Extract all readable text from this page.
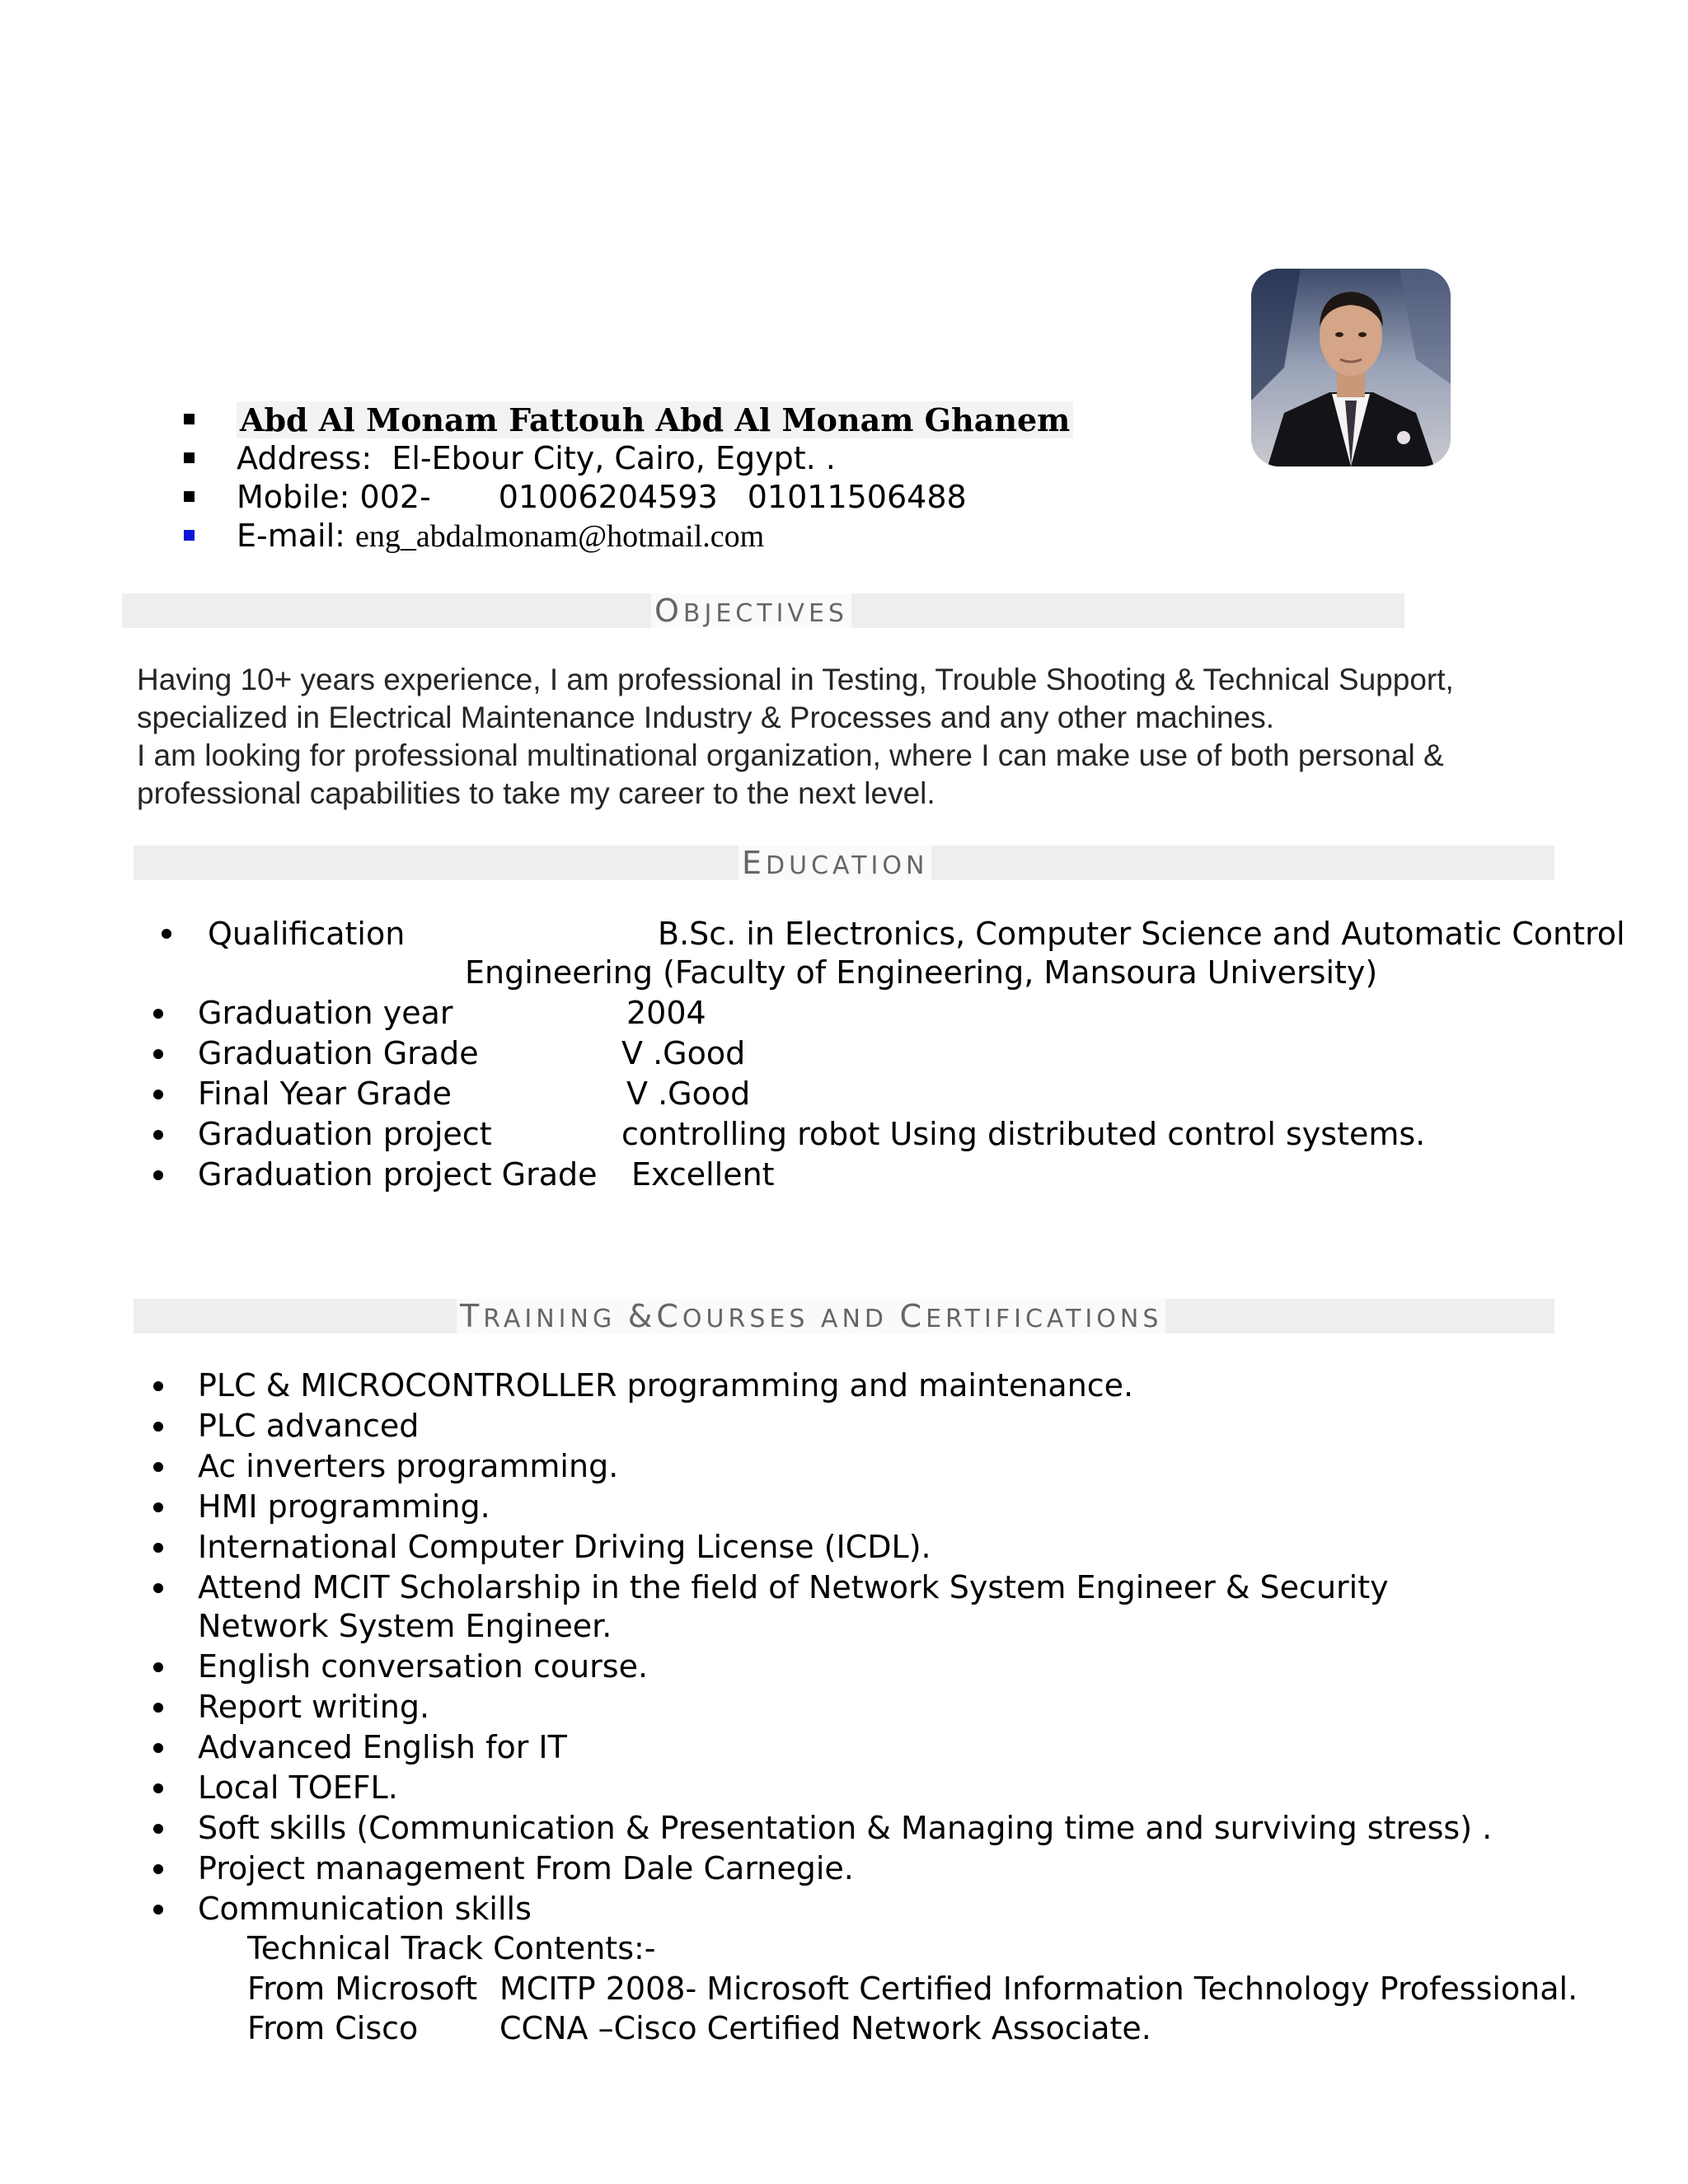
Abd Al Monam Fattouh Abd Al Monam Ghanem
Address: El-Ebour City, Cairo, Egypt. .
Mobile: 002- 01006204593 01011506488
E-mail: eng_abdalmonam@hotmail.com
OBJECTIVES

Having 10+ years experience, I am professional in Testing, Trouble Shooting & Technical Support, specialized in Electrical Maintenance Industry & Processes and any other machines.

I am looking for professional multinational organization, where I can make use of both personal & professional capabilities to take my career to the next level.

EDUCATION
Qualification	B.Sc. in Electronics, Computer Science and Automatic Control
Engineering (Faculty of Engineering, Mansoura University)
Graduation year	2004
Graduation Grade	V .Good
Final Year Grade	V .Good
Graduation project	controlling robot Using distributed control systems.
Graduation project Grade Excellent
TRAINING &COURSES AND CERTIFICATIONS
PLC & MICROCONTROLLER programming and maintenance.
PLC advanced
Ac inverters programming.
HMI programming.
International Computer Driving License (ICDL).
Attend MCIT Scholarship in the field of Network System Engineer & Security
Network System Engineer.
English conversation course.
Report writing.
Advanced English for IT
Local TOEFL.
Soft skills (Communication & Presentation & Managing time and surviving stress) .
Project management From Dale Carnegie.
Communication skills
Technical Track Contents:-
From Microsoft MCITP 2008- Microsoft Certified Information Technology Professional.
From Cisco	CCNA –Cisco Certified Network Associate.
